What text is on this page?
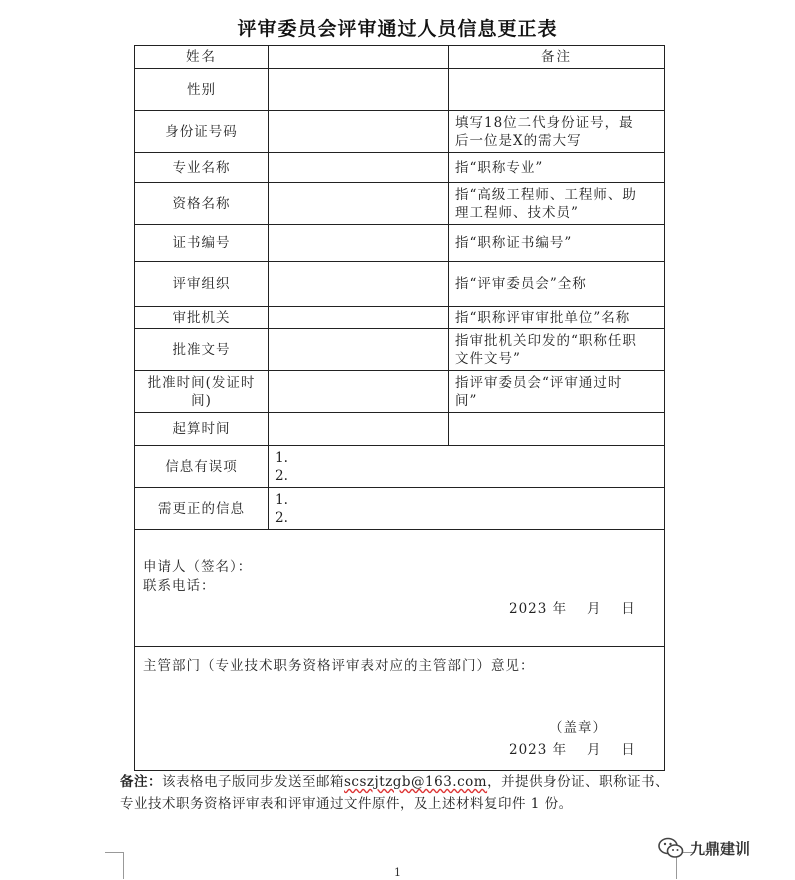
评审委员会评审通过人员信息更正表
姓名		备注
性别		
身份证号码		填写18位二代身份证号，最
后一位是X的需大写

专业名称		指“职称专业”
资格名称		指“高级工程师、工程师、助
理工程师、技术员”

证书编号		指“职称证书编号”
评审组织		指“评审委员会”全称
审批机关		指“职称评审审批单位”名称
批准文号		指审批机关印发的“职称任职
文件文号”

批准时间(发证时
间)		指评审委员会“评审通过时
间”

起算时间		
信息有误项	1.
2.	

需更正的信息	1.
2.	

申请人（签名）：
联系电话：
2023 年　 月　 日		

主管部门（专业技术职务资格评审表对应的主管部门）意见：
（盖章）
2023 年　 月　 日		
备注：该表格电子版同步发送至邮箱scszjtzgb@163.com，并提供身份证、职称证书、专业技术职务资格评审表和评审通过文件原件，及上述材料复印件 1 份。
1
九鼎建训
